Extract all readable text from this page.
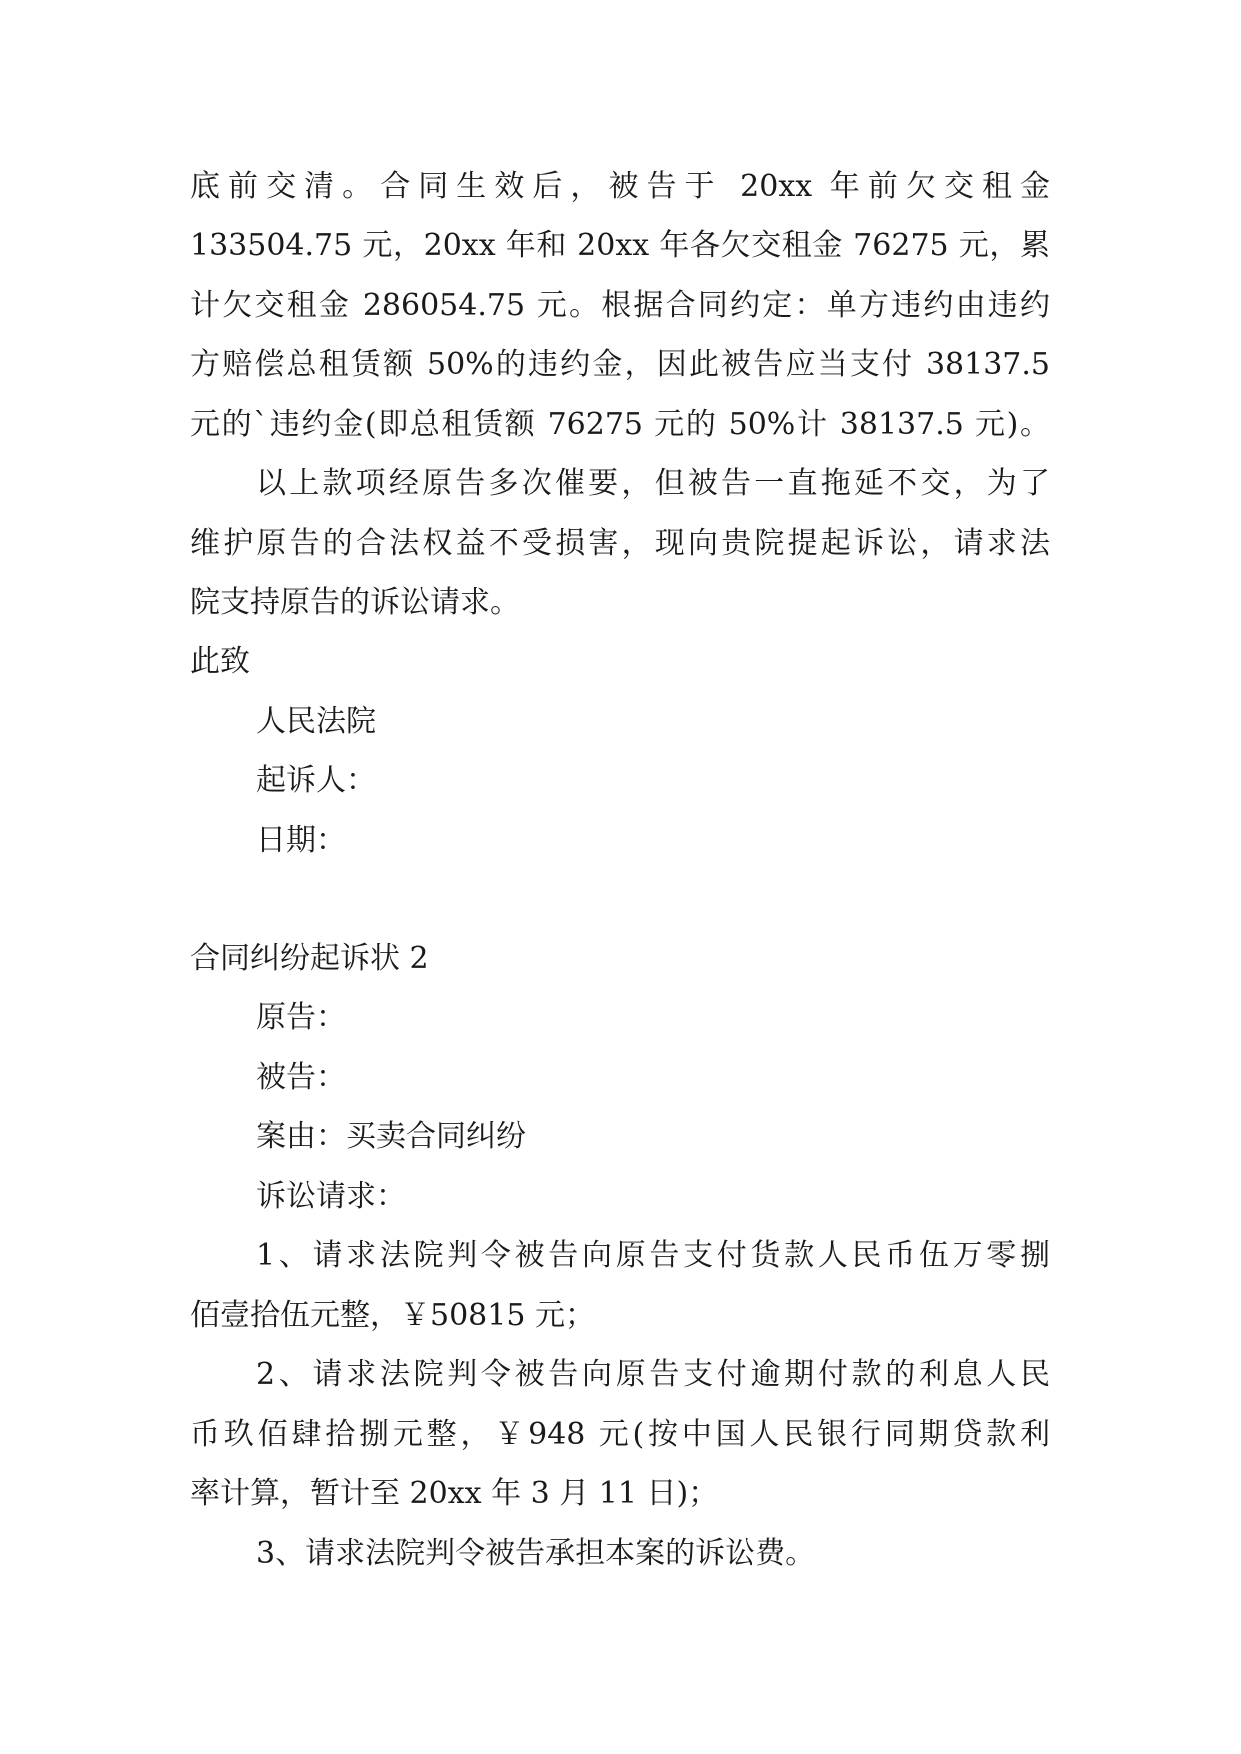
底前交清。合同生效后，被告于 20xx 年前欠交租金
133504.75 元，20xx 年和 20xx 年各欠交租金 76275 元，累
计欠交租金 286054.75 元。根据合同约定：单方违约由违约
方赔偿总租赁额 50%的违约金，因此被告应当支付 38137.5
元的`违约金(即总租赁额 76275 元的 50%计 38137.5 元)。
以上款项经原告多次催要，但被告一直拖延不交，为了
维护原告的合法权益不受损害，现向贵院提起诉讼，请求法
院支持原告的诉讼请求。
此致
人民法院
起诉人：
日期：
合同纠纷起诉状 2
原告：
被告：
案由：买卖合同纠纷
诉讼请求：
1、请求法院判令被告向原告支付货款人民币伍万零捌
佰壹拾伍元整，￥50815 元；
2、请求法院判令被告向原告支付逾期付款的利息人民
币玖佰肆拾捌元整，￥948 元(按中国人民银行同期贷款利
率计算，暂计至 20xx 年 3 月 11 日)；
3、请求法院判令被告承担本案的诉讼费。
